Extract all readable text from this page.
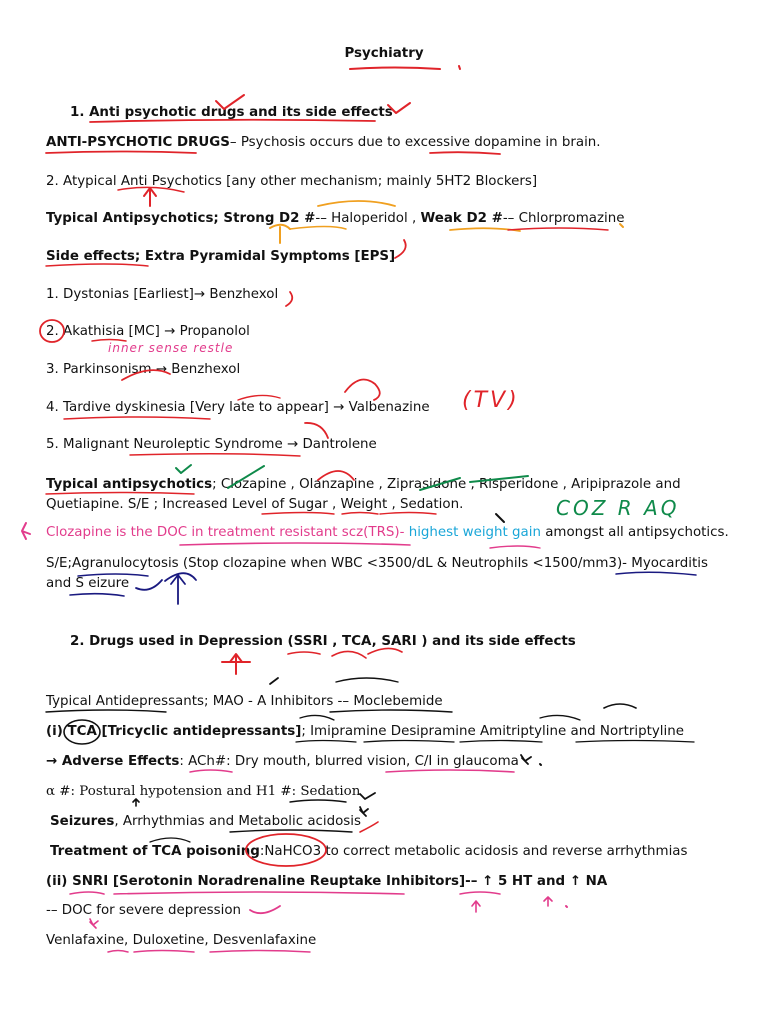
Psychiatry
1. Anti psychotic drugs and its side effects
ANTI-PSYCHOTIC DRUGS– Psychosis occurs due to excessive dopamine in brain.
2. Atypical Anti Psychotics [any other mechanism; mainly 5HT2 Blockers]
Typical Antipsychotics; Strong D2 #-– Haloperidol , Weak D2 #-– Chlorpromazine
Side effects; Extra Pyramidal Symptoms [EPS]
1. Dystonias [Earliest]→ Benzhexol
2. Akathisia [MC] → Propanolol
3. Parkinsonism → Benzhexol
4. Tardive dyskinesia [Very late to appear] → Valbenazine
5. Malignant Neuroleptic Syndrome → Dantrolene
Typical antipsychotics; Clozapine , Olanzapine , Ziprasidone , Risperidone , Aripiprazole and Quetiapine. S/E ; Increased Level of Sugar , Weight , Sedation.
Clozapine is the DOC in treatment resistant scz(TRS)- highest weight gain amongst all antipsychotics.
S/E;Agranulocytosis (Stop clozapine when WBC <3500/dL & Neutrophils <1500/mm3)- Myocarditis and S eizure
2. Drugs used in Depression (SSRI , TCA, SARI ) and its side effects
Typical Antidepressants; MAO - A Inhibitors -– Moclebemide
(i) TCA [Tricyclic antidepressants]; Imipramine Desipramine Amitriptyline and Nortriptyline
→ Adverse Effects: ACh#: Dry mouth, blurred vision, C/I in glaucoma
α #: Postural hypotension and H1 #: Sedation
Seizures, Arrhythmias and Metabolic acidosis
Treatment of TCA poisoning:NaHCO3 to correct metabolic acidosis and reverse arrhythmias
(ii) SNRI [Serotonin Noradrenaline Reuptake Inhibitors]-– ↑ 5 HT and ↑ NA
-– DOC for severe depression
Venlafaxine, Duloxetine, Desvenlafaxine
inner sense restle
(TV)
COZ R AQ
